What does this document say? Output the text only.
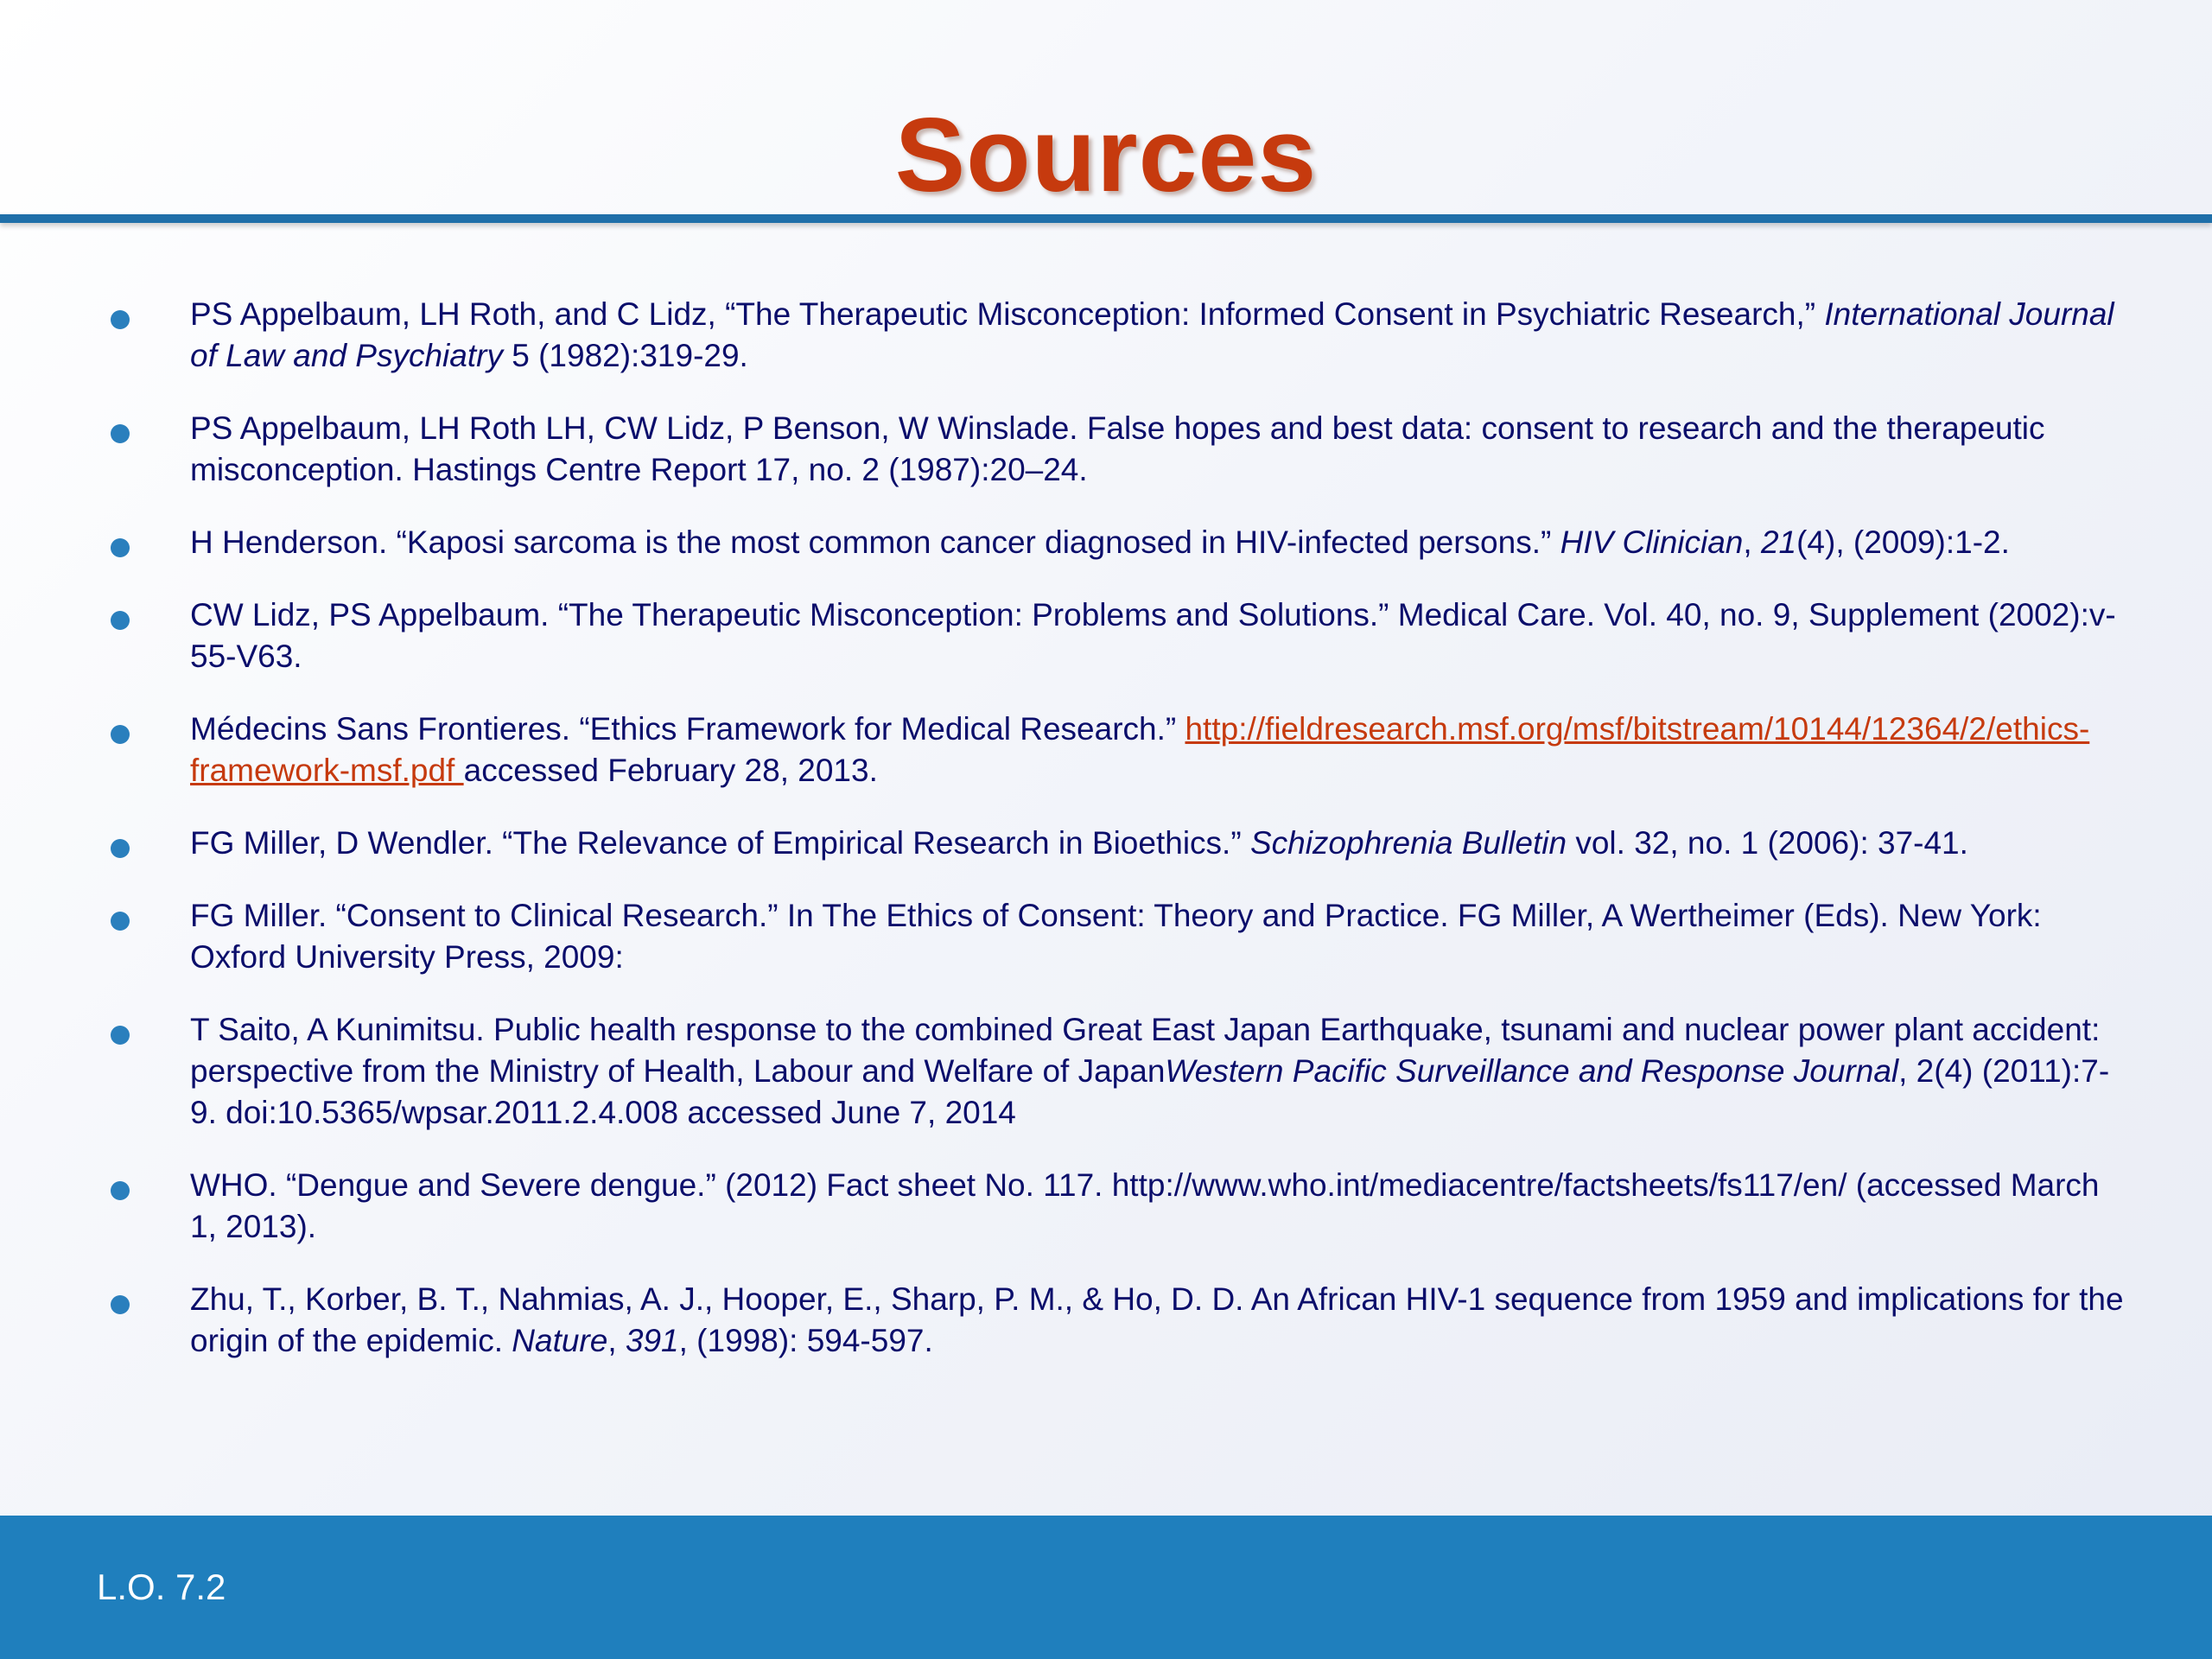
Sources
PS Appelbaum, LH Roth, and C Lidz, “The Therapeutic Misconception: Informed Consent in Psychiatric Research,” International Journal of Law and Psychiatry 5 (1982):319-29.
PS Appelbaum, LH Roth LH, CW Lidz, P Benson, W Winslade. False hopes and best data: consent to research and the therapeutic misconception. Hastings Centre Report 17, no. 2 (1987):20–24.
H Henderson. “Kaposi sarcoma is the most common cancer diagnosed in HIV-infected persons.” HIV Clinician, 21(4), (2009):1-2.
CW Lidz, PS Appelbaum. “The Therapeutic Misconception: Problems and Solutions.” Medical Care. Vol. 40, no. 9, Supplement (2002):v-55-V63.
Médecins Sans Frontieres. “Ethics Framework for Medical Research.” http://fieldresearch.msf.org/msf/bitstream/10144/12364/2/ethics-framework-msf.pdf accessed February 28, 2013.
FG Miller, D Wendler. “The Relevance of Empirical Research in Bioethics.” Schizophrenia Bulletin vol. 32, no. 1 (2006): 37-41.
FG Miller. “Consent to Clinical Research.” In The Ethics of Consent: Theory and Practice. FG Miller, A Wertheimer (Eds). New York: Oxford University Press, 2009:
T Saito, A Kunimitsu. Public health response to the combined Great East Japan Earthquake, tsunami and nuclear power plant accident: perspective from the Ministry of Health, Labour and Welfare of JapanWestern Pacific Surveillance and Response Journal, 2(4) (2011):7-9. doi:10.5365/wpsar.2011.2.4.008 accessed June 7, 2014
WHO. “Dengue and Severe dengue.” (2012) Fact sheet No. 117. http://www.who.int/mediacentre/factsheets/fs117/en/ (accessed March 1, 2013).
Zhu, T., Korber, B. T., Nahmias, A. J., Hooper, E., Sharp, P. M., & Ho, D. D. An African HIV-1 sequence from 1959 and implications for the origin of the epidemic. Nature, 391, (1998): 594-597.
L.O. 7.2
